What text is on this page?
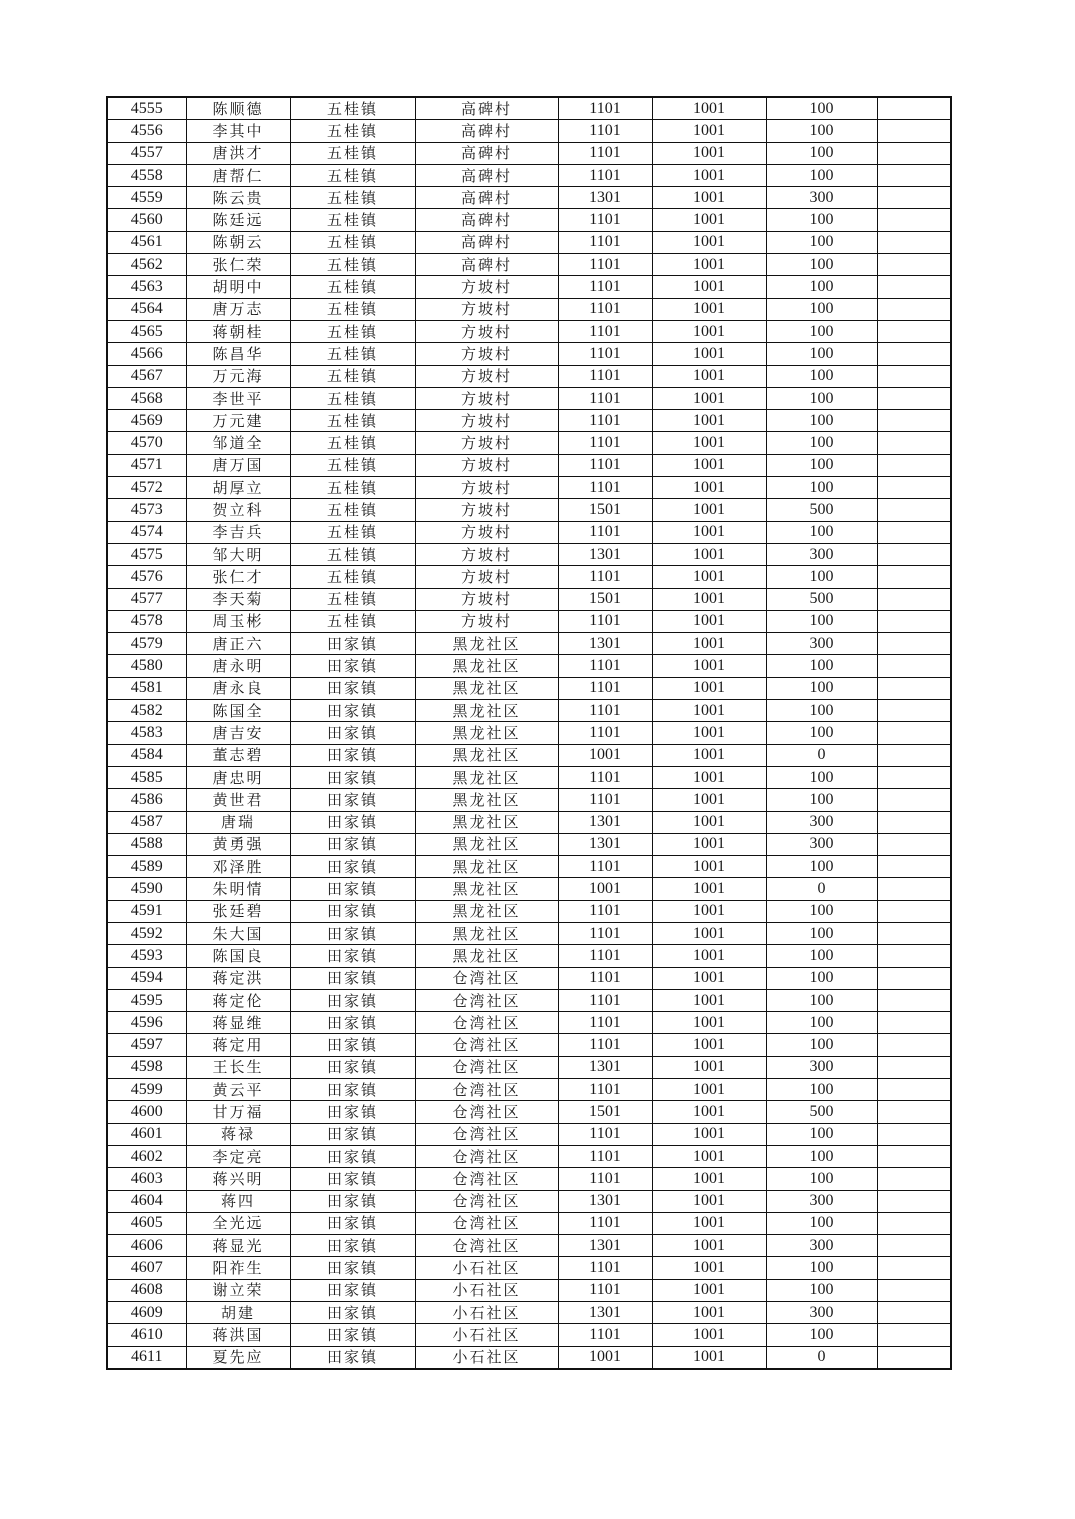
4555	陈顺德	五桂镇	高碑村	1101	1001	100	
4556	李其中	五桂镇	高碑村	1101	1001	100	
4557	唐洪才	五桂镇	高碑村	1101	1001	100	
4558	唐帮仁	五桂镇	高碑村	1101	1001	100	
4559	陈云贵	五桂镇	高碑村	1301	1001	300	
4560	陈廷远	五桂镇	高碑村	1101	1001	100	
4561	陈朝云	五桂镇	高碑村	1101	1001	100	
4562	张仁荣	五桂镇	高碑村	1101	1001	100	
4563	胡明中	五桂镇	方坡村	1101	1001	100	
4564	唐万志	五桂镇	方坡村	1101	1001	100	
4565	蒋朝桂	五桂镇	方坡村	1101	1001	100	
4566	陈昌华	五桂镇	方坡村	1101	1001	100	
4567	万元海	五桂镇	方坡村	1101	1001	100	
4568	李世平	五桂镇	方坡村	1101	1001	100	
4569	万元建	五桂镇	方坡村	1101	1001	100	
4570	邹道全	五桂镇	方坡村	1101	1001	100	
4571	唐万国	五桂镇	方坡村	1101	1001	100	
4572	胡厚立	五桂镇	方坡村	1101	1001	100	
4573	贺立科	五桂镇	方坡村	1501	1001	500	
4574	李吉兵	五桂镇	方坡村	1101	1001	100	
4575	邹大明	五桂镇	方坡村	1301	1001	300	
4576	张仁才	五桂镇	方坡村	1101	1001	100	
4577	李天菊	五桂镇	方坡村	1501	1001	500	
4578	周玉彬	五桂镇	方坡村	1101	1001	100	
4579	唐正六	田家镇	黑龙社区	1301	1001	300	
4580	唐永明	田家镇	黑龙社区	1101	1001	100	
4581	唐永良	田家镇	黑龙社区	1101	1001	100	
4582	陈国全	田家镇	黑龙社区	1101	1001	100	
4583	唐吉安	田家镇	黑龙社区	1101	1001	100	
4584	董志碧	田家镇	黑龙社区	1001	1001	0	
4585	唐忠明	田家镇	黑龙社区	1101	1001	100	
4586	黄世君	田家镇	黑龙社区	1101	1001	100	
4587	唐瑞	田家镇	黑龙社区	1301	1001	300	
4588	黄勇强	田家镇	黑龙社区	1301	1001	300	
4589	邓泽胜	田家镇	黑龙社区	1101	1001	100	
4590	朱明情	田家镇	黑龙社区	1001	1001	0	
4591	张廷碧	田家镇	黑龙社区	1101	1001	100	
4592	朱大国	田家镇	黑龙社区	1101	1001	100	
4593	陈国良	田家镇	黑龙社区	1101	1001	100	
4594	蒋定洪	田家镇	仓湾社区	1101	1001	100	
4595	蒋定伦	田家镇	仓湾社区	1101	1001	100	
4596	蒋显维	田家镇	仓湾社区	1101	1001	100	
4597	蒋定用	田家镇	仓湾社区	1101	1001	100	
4598	王长生	田家镇	仓湾社区	1301	1001	300	
4599	黄云平	田家镇	仓湾社区	1101	1001	100	
4600	甘万福	田家镇	仓湾社区	1501	1001	500	
4601	蒋禄	田家镇	仓湾社区	1101	1001	100	
4602	李定亮	田家镇	仓湾社区	1101	1001	100	
4603	蒋兴明	田家镇	仓湾社区	1101	1001	100	
4604	蒋四	田家镇	仓湾社区	1301	1001	300	
4605	全光远	田家镇	仓湾社区	1101	1001	100	
4606	蒋显光	田家镇	仓湾社区	1301	1001	300	
4607	阳祚生	田家镇	小石社区	1101	1001	100	
4608	谢立荣	田家镇	小石社区	1101	1001	100	
4609	胡建	田家镇	小石社区	1301	1001	300	
4610	蒋洪国	田家镇	小石社区	1101	1001	100	
4611	夏先应	田家镇	小石社区	1001	1001	0	
